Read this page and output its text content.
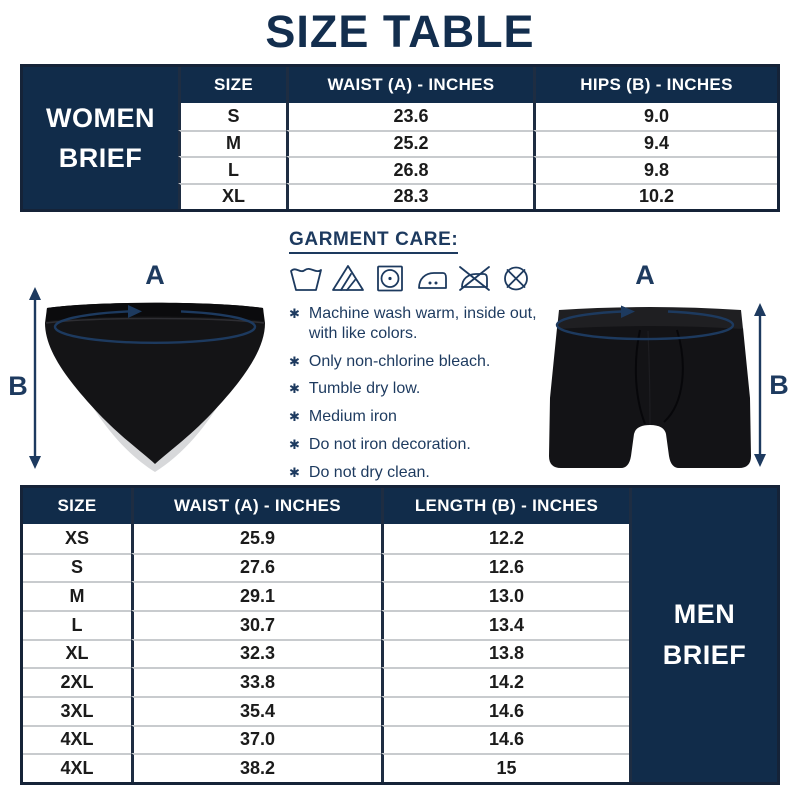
SIZE TABLE
WOMEN
BRIEF
SIZE	WAIST (A) - INCHES	HIPS (B) - INCHES
S	23.6	9.0
M	25.2	9.4
L	26.8	9.8
XL	28.3	10.2
A
B
GARMENT CARE:
✱ Machine wash warm, inside out, with like colors.
✱ Only non-chlorine bleach.
✱ Tumble dry low.
✱ Medium iron
✱ Do not iron decoration.
✱ Do not dry clean.
A
B
MEN
BRIEF
SIZE	WAIST (A) - INCHES	LENGTH (B) - INCHES
XS	25.9	12.2
S	27.6	12.6
M	29.1	13.0
L	30.7	13.4
XL	32.3	13.8
2XL	33.8	14.2
3XL	35.4	14.6
4XL	37.0	14.6
4XL	38.2	15
